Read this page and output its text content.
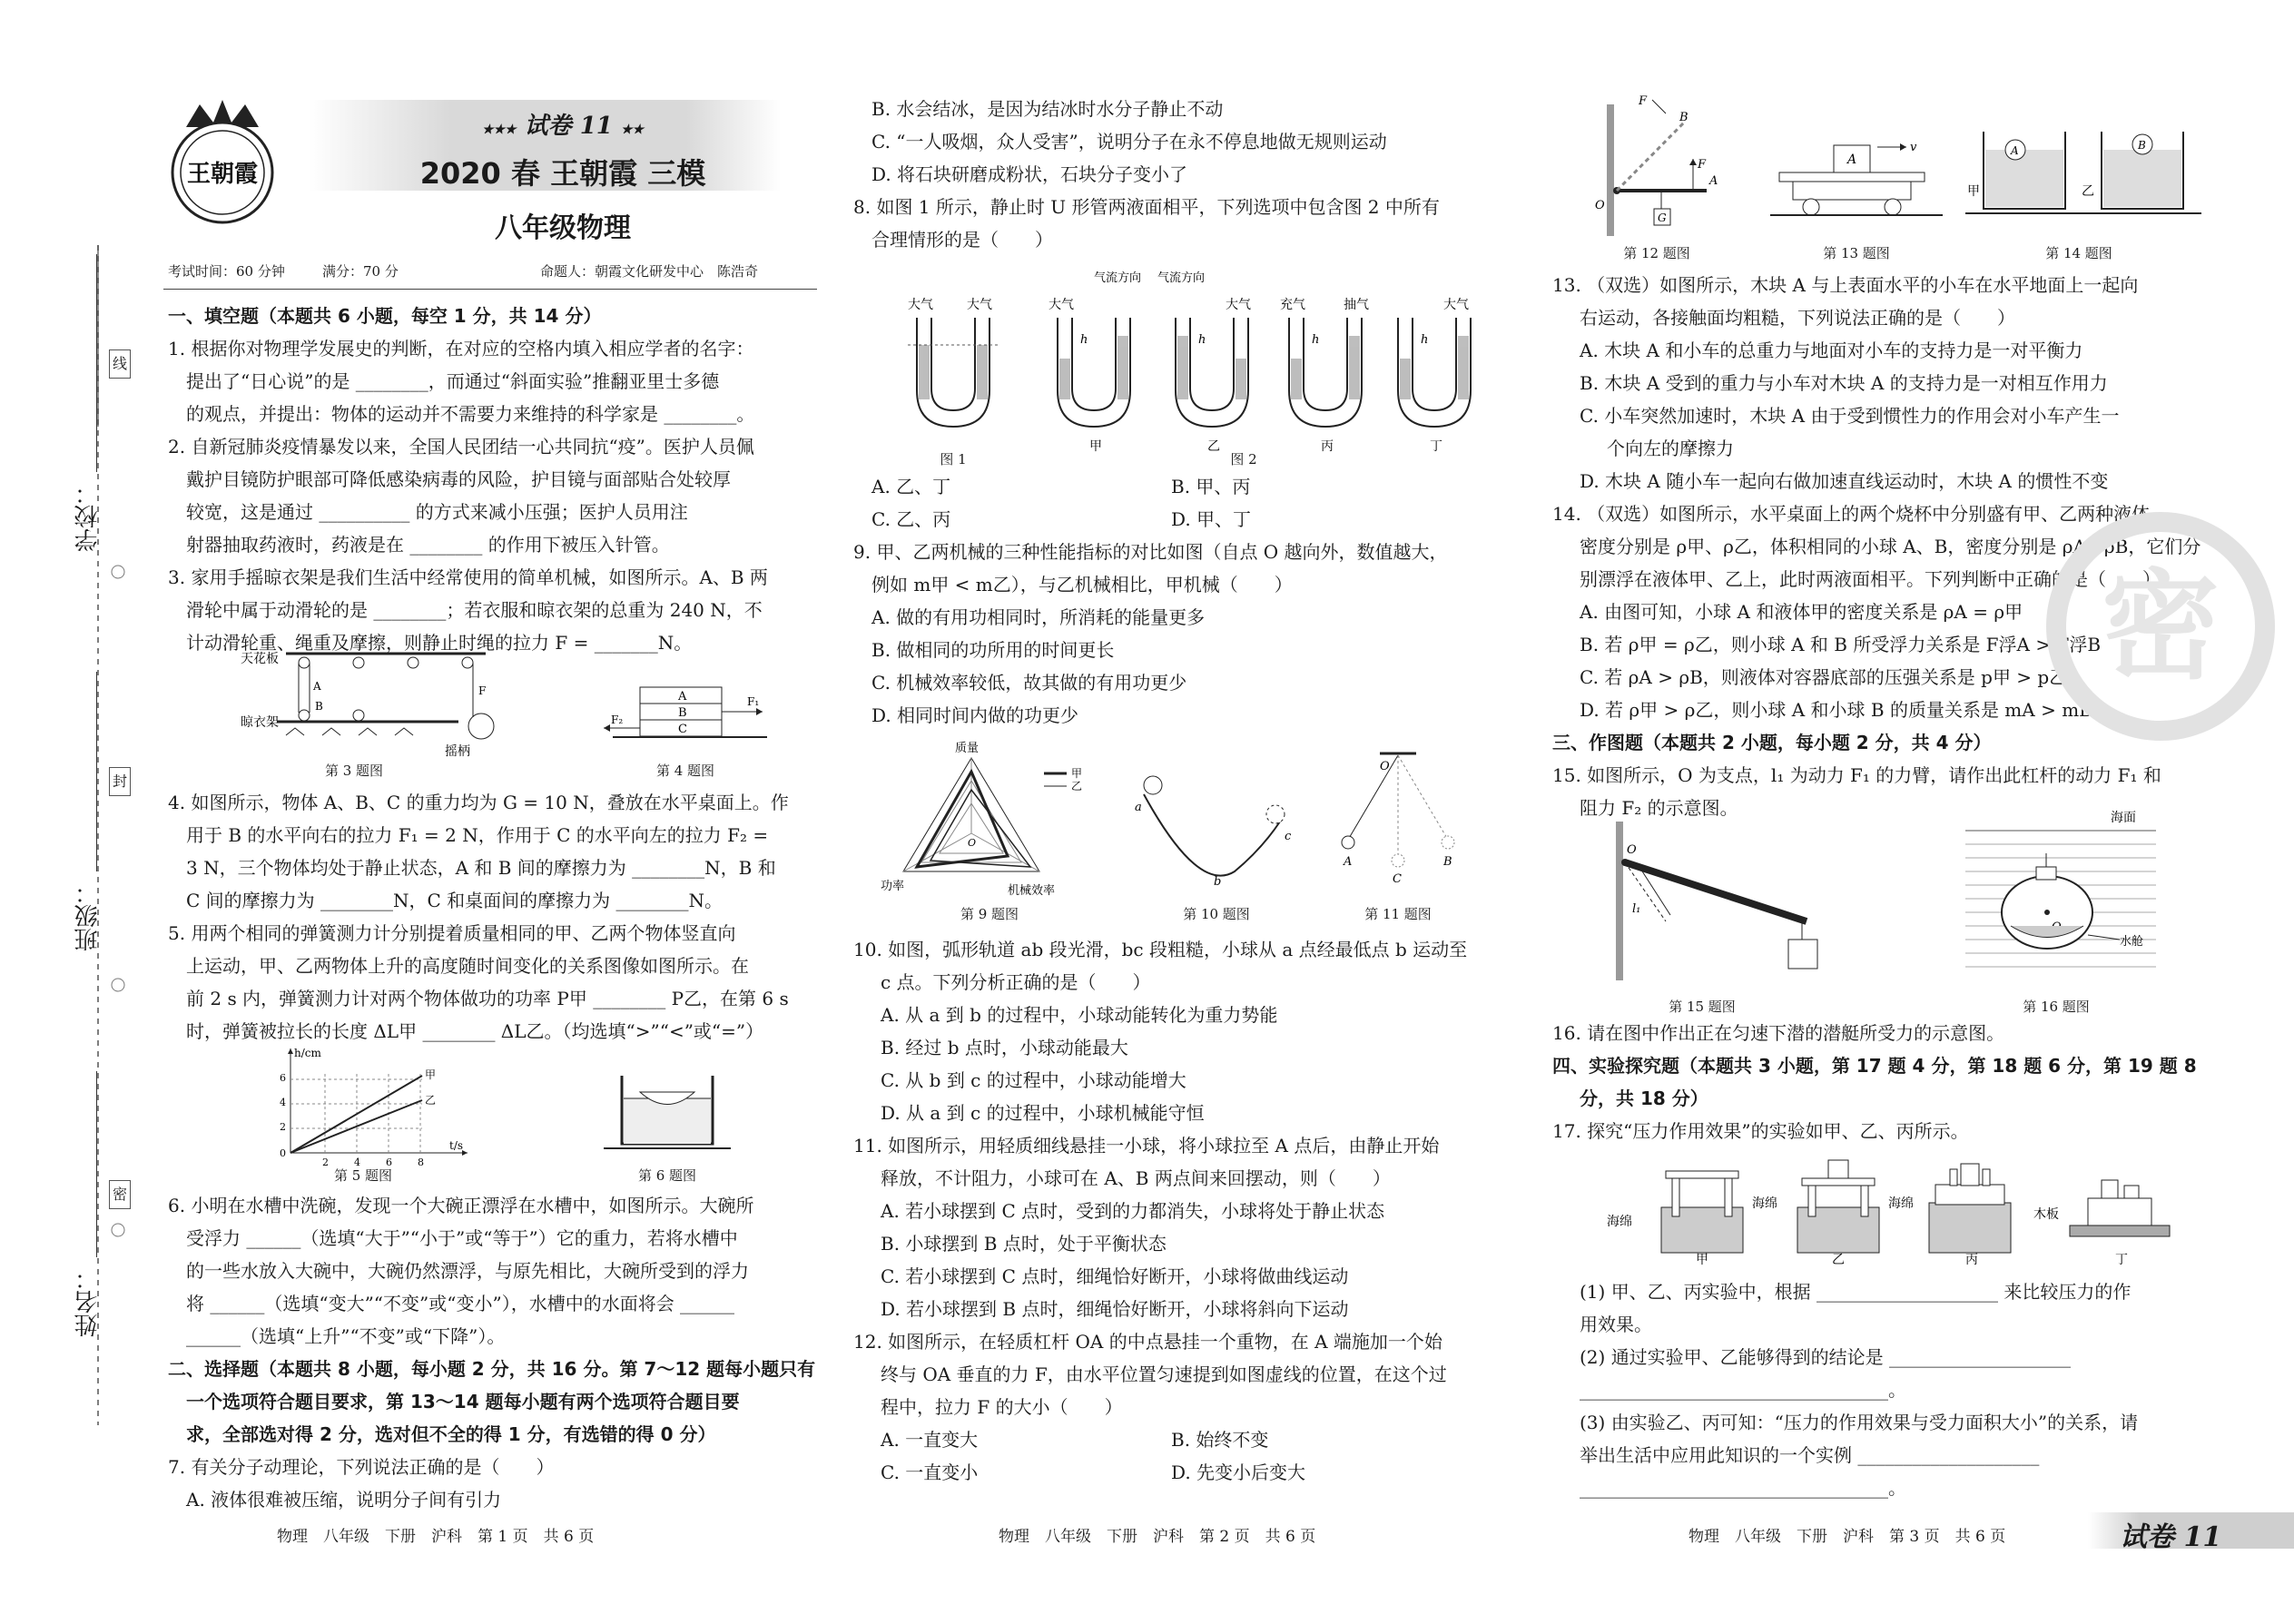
线
封
密
学校：
班级：
姓名：
王朝霞
★★★ 试卷 11 ★★
2020 春 王朝霞 三模
八年级物理
考试时间：60 分钟	满分：70 分	命题人：朝霞文化研发中心　陈浩奇

一、填空题（本题共 6 小题，每空 1 分，共 14 分）

1. 根据你对物理学发展史的判断，在对应的空格内填入相应学者的名字：

提出了“日心说”的是 ________，而通过“斜面实验”推翻亚里士多德

的观点，并提出：物体的运动并不需要力来维持的科学家是 ________。

2. 自新冠肺炎疫情暴发以来，全国人民团结一心共同抗“疫”。医护人员佩

戴护目镜防护眼部可降低感染病毒的风险，护目镜与面部贴合处较厚

较宽，这是通过 __________ 的方式来减小压强；医护人员用注

射器抽取药液时，药液是在 ________ 的作用下被压入针管。

3. 家用手摇晾衣架是我们生活中经常使用的简单机械，如图所示。A、B 两

滑轮中属于动滑轮的是 ________；若衣服和晾衣架的总重为 240 N，不

计动滑轮重、绳重及摩擦，则静止时绳的拉力 F = _______N。

天花板
A
B
F
晾衣架
摇柄
第 3 题图
A
B
C
F₁
F₂
第 4 题图

4. 如图所示，物体 A、B、C 的重力均为 G = 10 N，叠放在水平桌面上。作

用于 B 的水平向右的拉力 F₁ = 2 N，作用于 C 的水平向左的拉力 F₂ =

3 N，三个物体均处于静止状态，A 和 B 间的摩擦力为 ________N，B 和

C 间的摩擦力为 ________N，C 和桌面间的摩擦力为 ________N。

5. 用两个相同的弹簧测力计分别提着质量相同的甲、乙两个物体竖直向

上运动，甲、乙两物体上升的高度随时间变化的关系图像如图所示。在

前 2 s 内，弹簧测力计对两个物体做功的功率 P甲 ________ P乙，在第 6 s

时，弹簧被拉长的长度 ΔL甲 ________ ΔL乙。（均选填“>”“<”或“=”）

h/cm
t/s
0
2
4
6
2	4	6	8
甲
乙
第 5 题图	第 6 题图

6. 小明在水槽中洗碗，发现一个大碗正漂浮在水槽中，如图所示。大碗所

受浮力 ______（选填“大于”“小于”或“等于”）它的重力，若将水槽中

的一些水放入大碗中，大碗仍然漂浮，与原先相比，大碗所受到的浮力

将 ______（选填“变大”“不变”或“变小”），水槽中的水面将会 ______

______（选填“上升”“不变”或“下降”）。

二、选择题（本题共 8 小题，每小题 2 分，共 16 分。第 7～12 题每小题只有

一个选项符合题目要求，第 13～14 题每小题有两个选项符合题目要

求，全部选对得 2 分，选对但不全的得 1 分，有选错的得 0 分）

7. 有关分子动理论，下列说法正确的是（　　）

A. 液体很难被压缩，说明分子间有引力

物理　八年级　下册　沪科　第 1 页　共 6 页

B. 水会结冰，是因为结冰时水分子静止不动

C. “一人吸烟，众人受害”，说明分子在永不停息地做无规则运动

D. 将石块研磨成粉状，石块分子变小了

8. 如图 1 所示，静止时 U 形管两液面相平，下列选项中包含图 2 中所有

合理情形的是（　　）

大气	大气	大气
气流方向 气流方向
大气 充气	抽气	大气
h	h	h	h
甲	乙	丙	丁
图 1	图 2

A. 乙、丁	B. 甲、丙

C. 乙、丙	D. 甲、丁

9. 甲、乙两机械的三种性能指标的对比如图（自点 O 越向外，数值越大，

例如 m甲 < m乙），与乙机械相比，甲机械（　　）

A. 做的有用功相同时，所消耗的能量更多

B. 做相同的功所用的时间更长

C. 机械效率较低，故其做的有用功更少

D. 相同时间内做的功更少

质量
功率	机械效率
甲
乙
O
第 9 题图
a
b
c
第 10 题图
O
A
C
B
第 11 题图

10. 如图，弧形轨道 ab 段光滑，bc 段粗糙，小球从 a 点经最低点 b 运动至

c 点。下列分析正确的是（　　）

A. 从 a 到 b 的过程中，小球动能转化为重力势能

B. 经过 b 点时，小球动能最大

C. 从 b 到 c 的过程中，小球动能增大

D. 从 a 到 c 的过程中，小球机械能守恒

11. 如图所示，用轻质细线悬挂一小球，将小球拉至 A 点后，由静止开始

释放，不计阻力，小球可在 A、B 两点间来回摆动，则（　　）

A. 若小球摆到 C 点时，受到的力都消失，小球将处于静止状态

B. 小球摆到 B 点时，处于平衡状态

C. 若小球摆到 C 点时，细绳恰好断开，小球将做曲线运动

D. 若小球摆到 B 点时，细绳恰好断开，小球将斜向下运动

12. 如图所示，在轻质杠杆 OA 的中点悬挂一个重物，在 A 端施加一个始

终与 OA 垂直的力 F，由水平位置匀速提到如图虚线的位置，在这个过

程中，拉力 F 的大小（　　）

A. 一直变大	B. 始终不变

C. 一直变小	D. 先变小后变大

物理　八年级　下册　沪科　第 2 页　共 6 页
O
A
B
F
G
F
第 12 题图
A
v
第 13 题图
A	B
甲	乙
第 14 题图

13. （双选）如图所示，木块 A 与上表面水平的小车在水平地面上一起向

右运动，各接触面均粗糙，下列说法正确的是（　　）

A. 木块 A 和小车的总重力与地面对小车的支持力是一对平衡力

B. 木块 A 受到的重力与小车对木块 A 的支持力是一对相互作用力

C. 小车突然加速时，木块 A 由于受到惯性力的作用会对小车产生一

个向左的摩擦力

D. 木块 A 随小车一起向右做加速直线运动时，木块 A 的惯性不变

14. （双选）如图所示，水平桌面上的两个烧杯中分别盛有甲、乙两种液体，

密度分别是 ρ甲、ρ乙，体积相同的小球 A、B，密度分别是 ρA、ρB，它们分

别漂浮在液体甲、乙上，此时两液面相平。下列判断中正确的是（　　）

A. 由图可知，小球 A 和液体甲的密度关系是 ρA = ρ甲

B. 若 ρ甲 = ρ乙，则小球 A 和 B 所受浮力关系是 F浮A > F浮B

C. 若 ρA > ρB，则液体对容器底部的压强关系是 p甲 > p乙

D. 若 ρ甲 > ρ乙，则小球 A 和小球 B 的质量关系是 mA > mB

三、作图题（本题共 2 小题，每小题 2 分，共 4 分）

15. 如图所示，O 为支点，l₁ 为动力 F₁ 的力臂，请作出此杠杆的动力 F₁ 和

阻力 F₂ 的示意图。

密
O
l₁
第 15 题图
海面
水舱
第 16 题图

16. 请在图中作出正在匀速下潜的潜艇所受力的示意图。

四、实验探究题（本题共 3 小题，第 17 题 4 分，第 18 题 6 分，第 19 题 8

分，共 18 分）

17. 探究“压力作用效果”的实验如甲、乙、丙所示。

海绵
甲
海绵
乙
海绵
丙
木板
丁

(1) 甲、乙、丙实验中，根据 ____________________ 来比较压力的作

用效果。

(2) 通过实验甲、乙能够得到的结论是 ____________________

__________________________________。

(3) 由实验乙、丙可知：“压力的作用效果与受力面积大小”的关系，请

举出生活中应用此知识的一个实例 ____________________

__________________________________。

物理　八年级　下册　沪科　第 3 页　共 6 页	试卷 11
